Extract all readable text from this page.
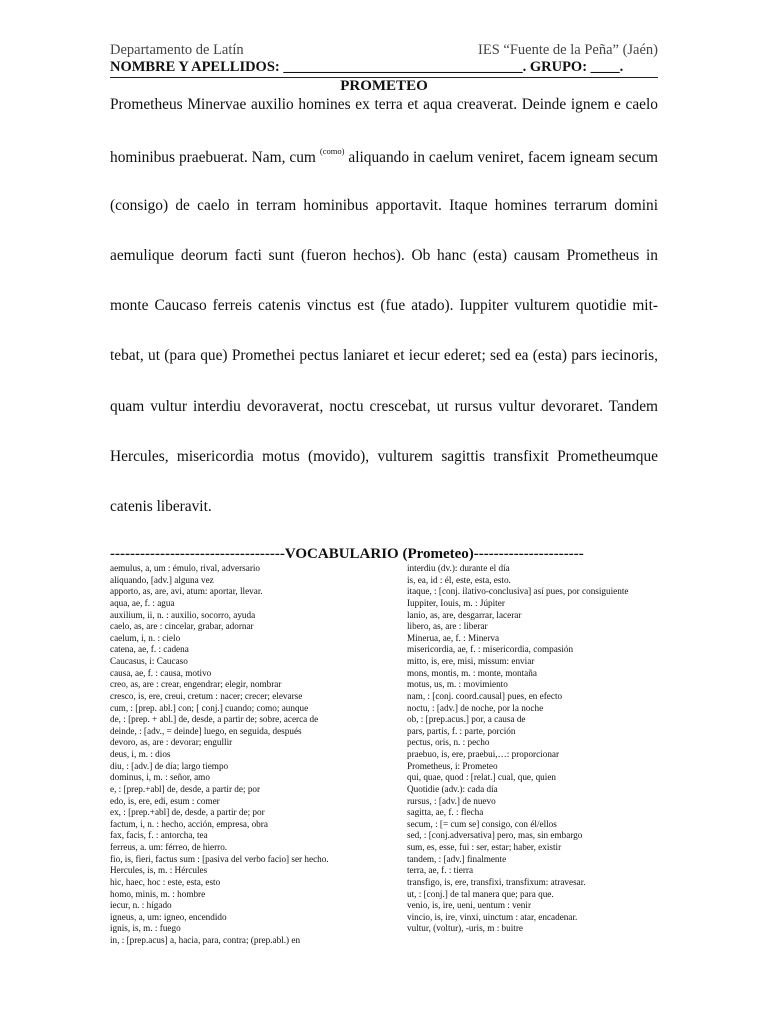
Departamento de Latín	IES “Fuente de la Peña” (Jaén)
NOMBRE Y APELLIDOS: _________________________________. GRUPO: ____.
PROMETEO
Prometheus Minervae auxilio homines ex terra et aqua creaverat. Deinde ignem e caelo
hominibus praebuerat. Nam, cum $^{(como)}$ aliquando in caelum veniret, facem igneam secum
(consigo) de caelo in terram hominibus apportavit. Itaque homines terrarum domini
aemulique deorum facti sunt (fueron hechos). Ob hanc (esta) causam Prometheus in
monte Caucaso ferreis catenis vinctus est (fue atado). Iuppiter vulturem quotidie mit-
tebat, ut (para que) Promethei pectus laniaret et iecur ederet; sed ea (esta) pars iecinoris,
quam vultur interdiu devoraverat, noctu crescebat, ut rursus vultur devoraret. Tandem
Hercules, misericordia motus (movido), vulturem sagittis transfixit Prometheumque
catenis liberavit.
-----------------------------------VOCABULARIO (Prometeo)----------------------
aemulus, a, um : émulo, rival, adversario
aliquando, [adv.] alguna vez
apporto, as, are, avi, atum: aportar, llevar.
aqua, ae, f. : agua
auxilium, ii, n. : auxilio, socorro, ayuda
caelo, as, are : cincelar, grabar, adornar
caelum, i, n. : cielo
catena, ae, f. : cadena
Caucasus, i: Caucaso
causa, ae, f. : causa, motivo
creo, as, are : crear, engendrar; elegir, nombrar
cresco, is, ere, creui, cretum : nacer; crecer; elevarse
cum, : [prep. abl.] con; [ conj.] cuando; como; aunque
de, : [prep. + abl.] de, desde, a partir de; sobre, acerca de
deinde, : [adv., = deinde] luego, en seguida, después
devoro, as, are : devorar; engullir
deus, i, m. : dios
diu, : [adv.] de día; largo tiempo
dominus, i, m. : señor, amo
e, : [prep.+abl] de, desde, a partir de; por
edo, is, ere, edi, esum : comer
ex, : [prep.+abl] de, desde, a partir de; por
factum, i, n. : hecho, acción, empresa, obra
fax, facis, f. : antorcha, tea
ferreus, a. um: férreo, de hierro.
fio, is, fieri, factus sum : [pasiva del verbo facio] ser hecho.
Hercules, is, m. : Hércules
hic, haec, hoc : este, esta, esto
homo, minis, m. : hombre
iecur, n. : hígado
igneus, a, um: igneo, encendido
ignis, is, m. : fuego
in, : [prep.acus] a, hacia, para, contra; (prep.abl.) en
interdiu (dv.): durante el día
is, ea, id : él, este, esta, esto.
itaque, : [conj. ilativo-conclusiva] así pues, por consiguiente
Iuppiter, Iouis, m. : Júpiter
lanio, as, are, desgarrar, lacerar
libero, as, are : liberar
Minerua, ae, f. : Minerva
misericordia, ae, f. : misericordia, compasión
mitto, is, ere, misi, missum: enviar
mons, montis, m. : monte, montaña
motus, us, m. : movimiento
nam, : [conj. coord.causal] pues, en efecto
noctu, : [adv.] de noche, por la noche
ob, : [prep.acus.] por, a causa de
pars, partis, f. : parte, porción
pectus, oris, n. : pecho
praebuo, is, ere, praebui,…: proporcionar
Prometheus, i: Prometeo
qui, quae, quod : [relat.] cual, que, quien
Quotidie (adv.): cada día
rursus, : [adv.] de nuevo
sagitta, ae, f. : flecha
secum, : [= cum se] consigo, con él/ellos
sed, : [conj.adversativa] pero, mas, sin embargo
sum, es, esse, fui : ser, estar; haber, existir
tandem, : [adv.] finalmente
terra, ae, f. : tierra
transfigo, is, ere, transfixi, transfixum: atravesar.
ut, : [conj.] de tal manera que; para que.
venio, is, ire, ueni, uentum : venir
vincio, is, ire, vinxi, uinctum : atar, encadenar.
vultur, (voltur), -uris, m : buitre
